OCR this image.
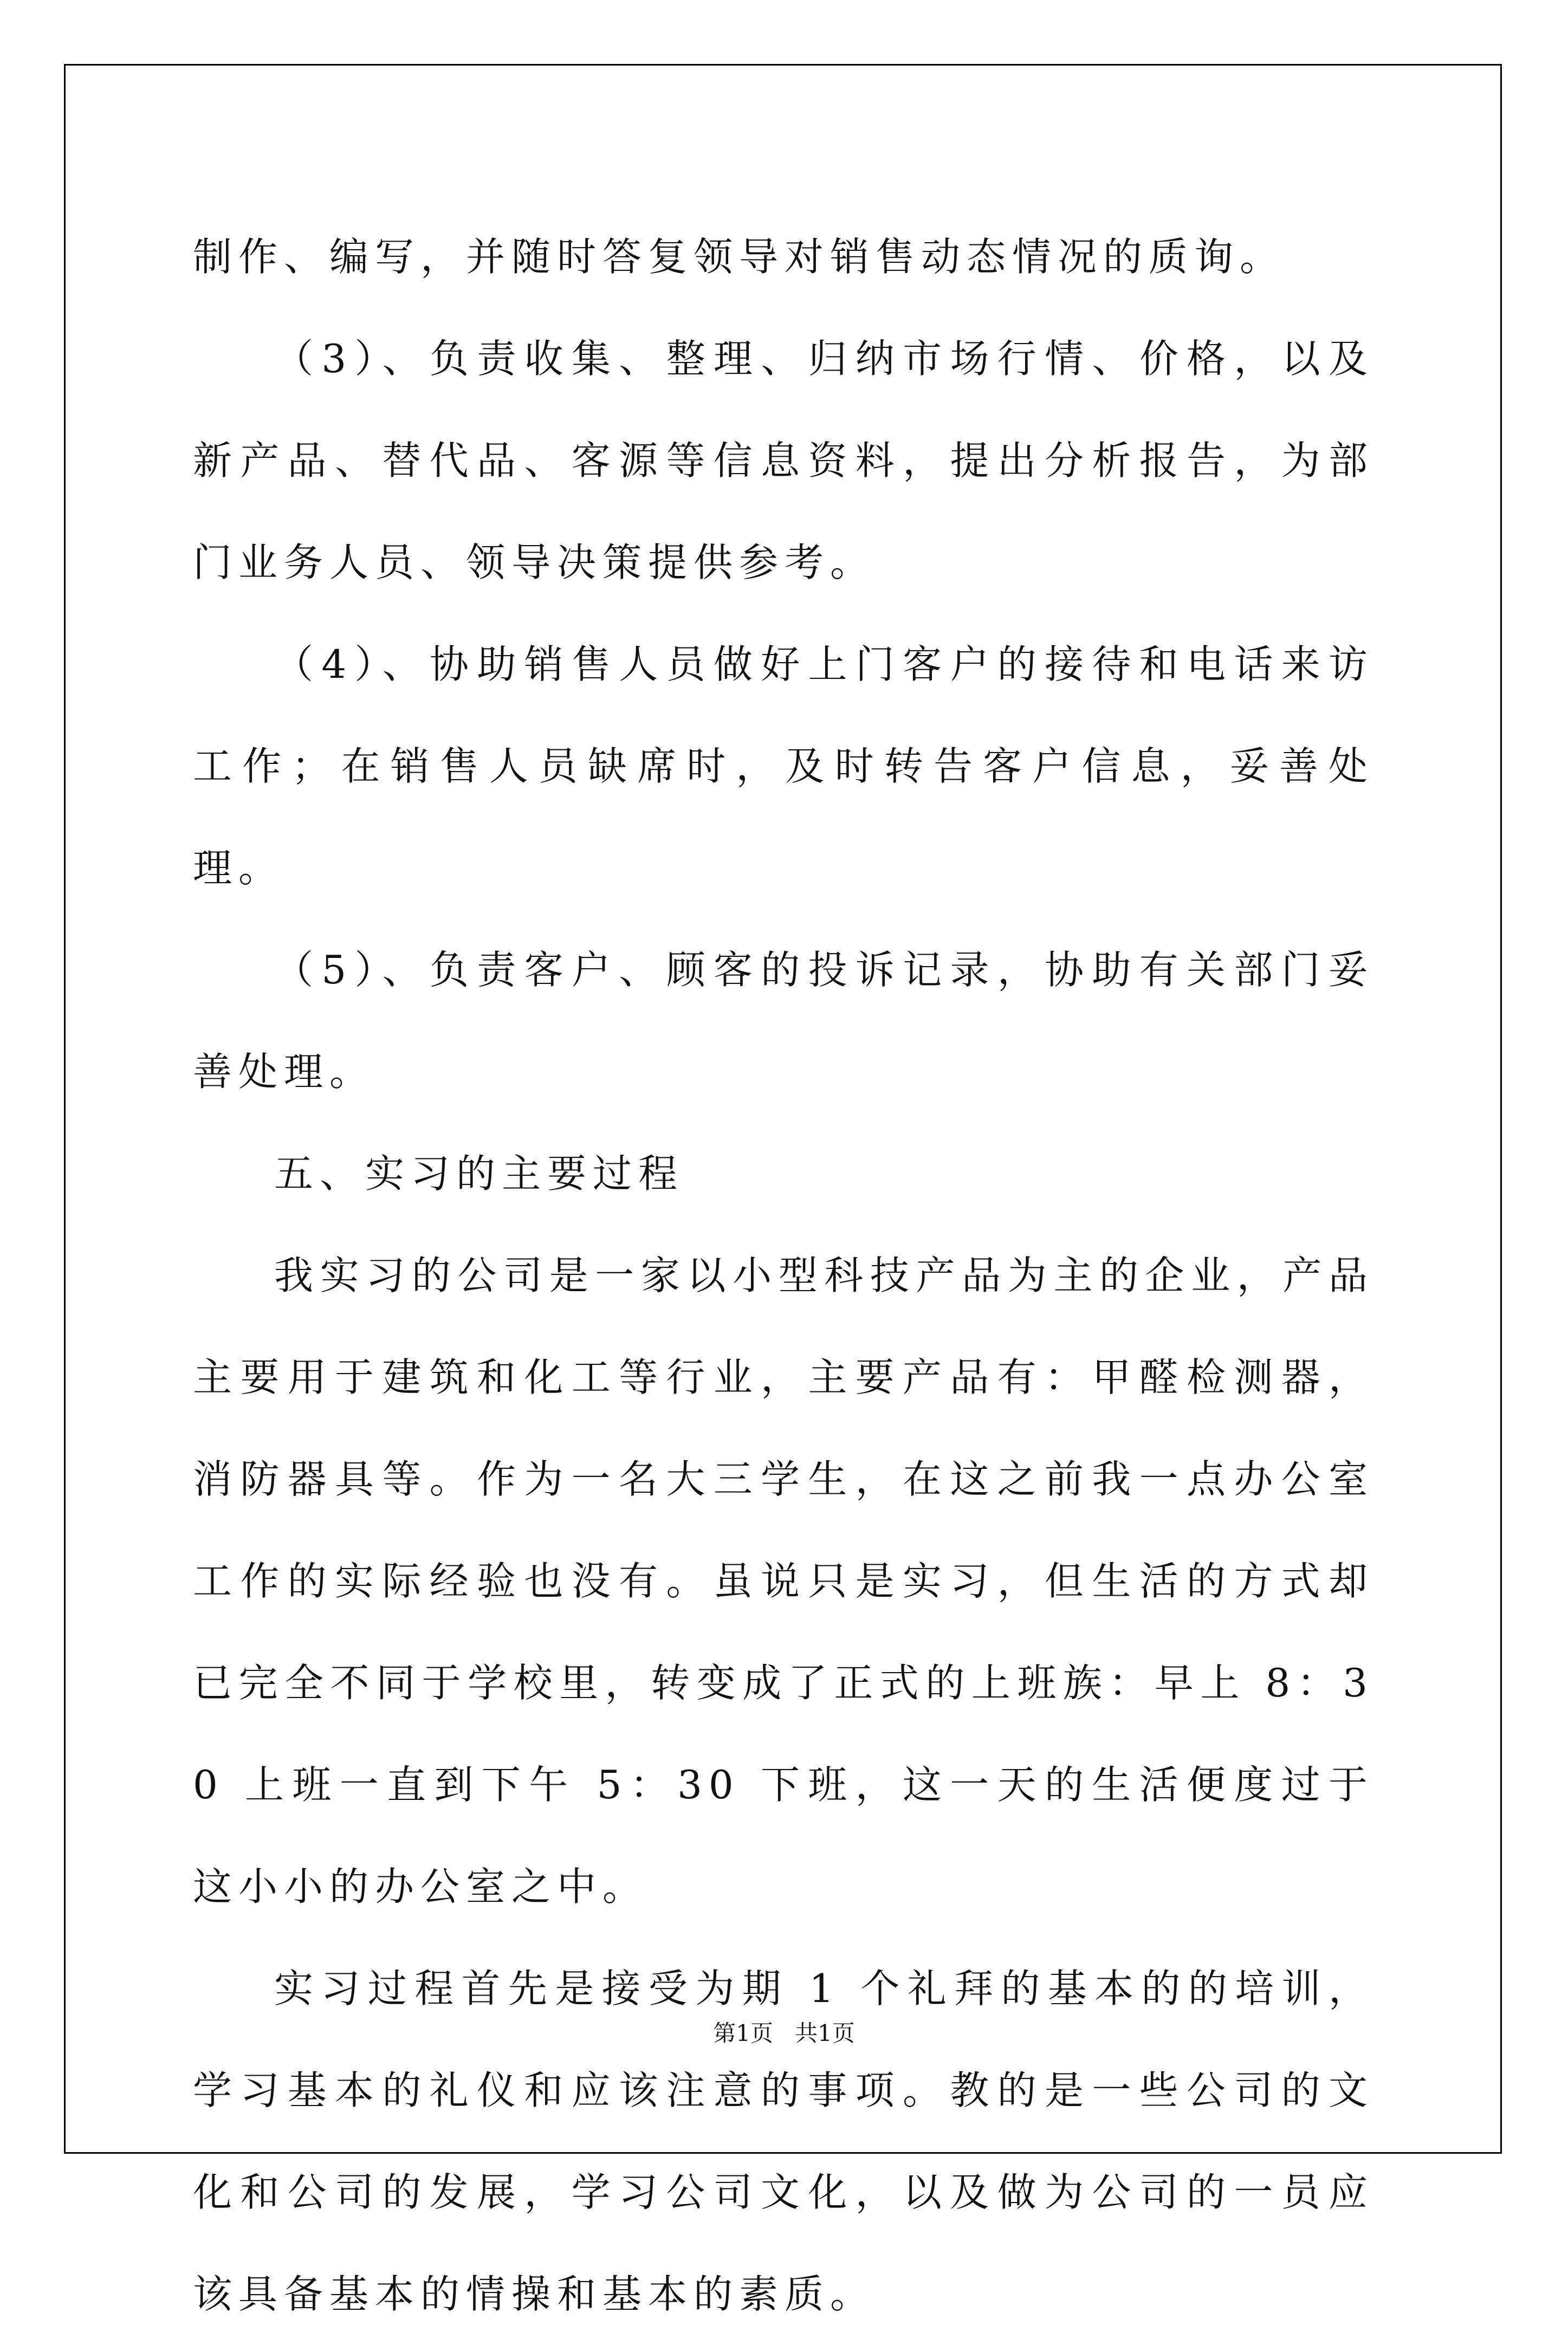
制作、编写，并随时答复领导对销售动态情况的质询。

（3）、负责收集、整理、归纳市场行情、价格，以及新产品、替代品、客源等信息资料，提出分析报告，为部门业务人员、领导决策提供参考。

（4）、协助销售人员做好上门客户的接待和电话来访工作；在销售人员缺席时，及时转告客户信息，妥善处理。

（5）、负责客户、顾客的投诉记录，协助有关部门妥善处理。

五、实习的主要过程

我实习的公司是一家以小型科技产品为主的企业，产品主要用于建筑和化工等行业，主要产品有：甲醛检测器，消防器具等。作为一名大三学生，在这之前我一点办公室工作的实际经验也没有。虽说只是实习，但生活的方式却已完全不同于学校里，转变成了正式的上班族：早上 8：30 上班一直到下午 5：30 下班，这一天的生活便度过于这小小的办公室之中。

实习过程首先是接受为期 1 个礼拜的基本的的培训，学习基本的礼仪和应该注意的事项。教的是一些公司的文化和公司的发展，学习公司文化，以及做为公司的一员应该具备基本的情操和基本的素质。

第1页 共1页
